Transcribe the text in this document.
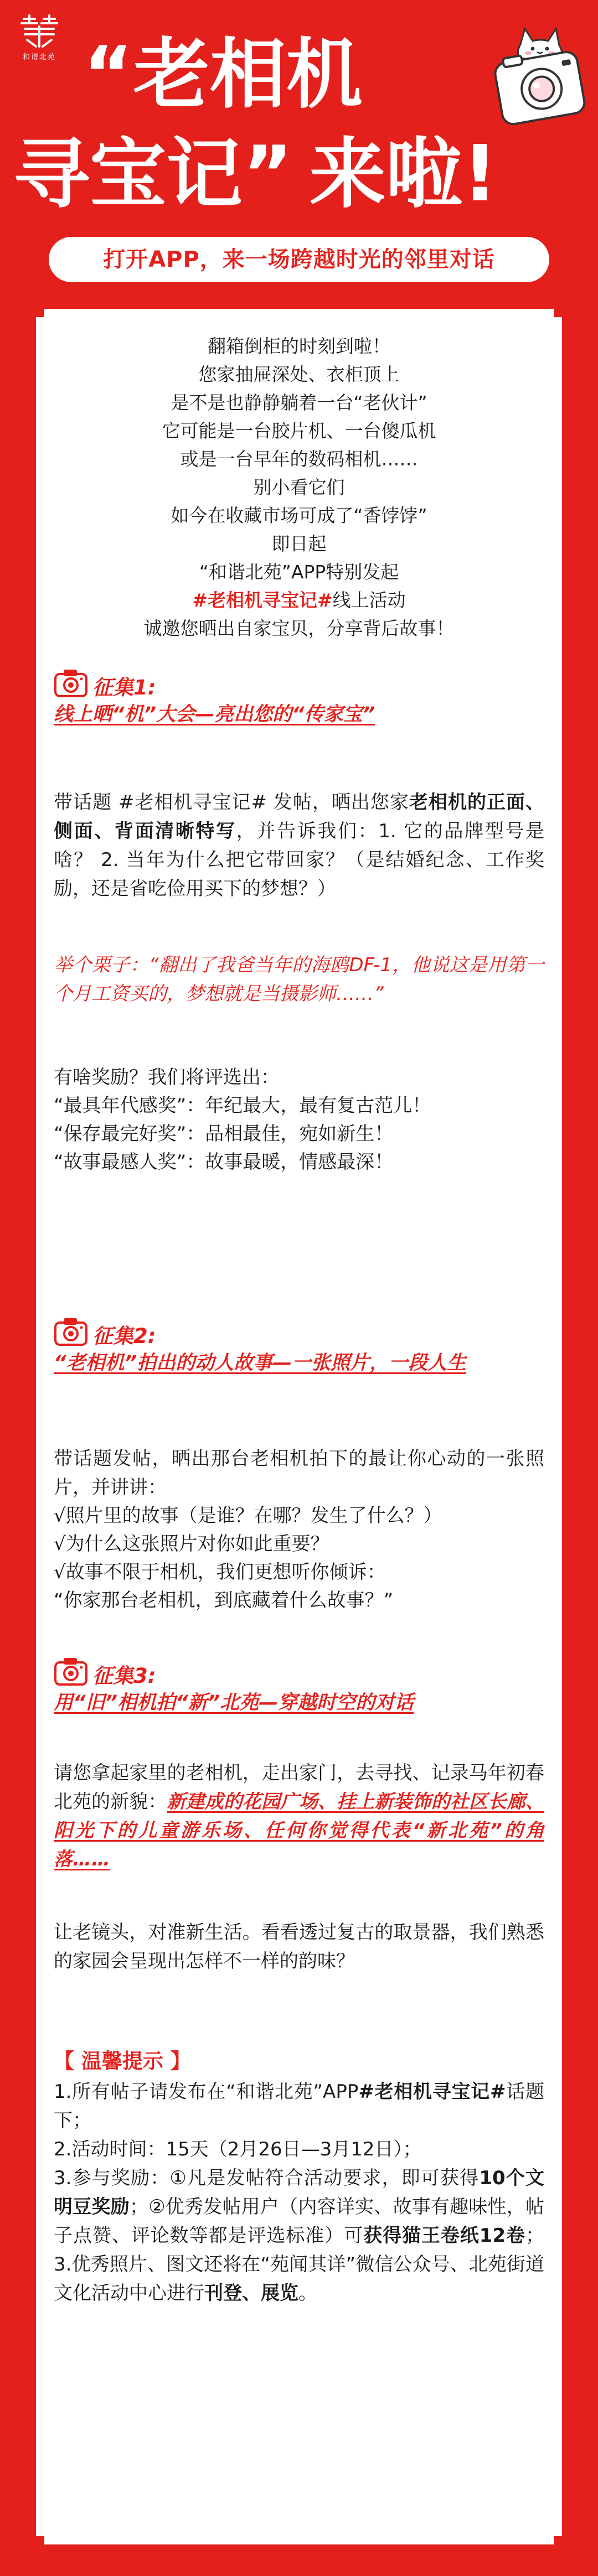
和谐北苑 “老相机
寻宝记” 来啦!
打开APP，来一场跨越时光的邻里对话
翻箱倒柜的时刻到啦！
您家抽屉深处、衣柜顶上
是不是也静静躺着一台“老伙计”
它可能是一台胶片机、一台傻瓜机
或是一台早年的数码相机……
别小看它们
如今在收藏市场可成了“香饽饽”
即日起
“和谐北苑”APP特别发起
#老相机寻宝记#线上活动
诚邀您晒出自家宝贝，分享背后故事！
征集1:
线上晒“机”大会—亮出您的“传家宝”
带话题 #老相机寻宝记# 发帖，晒出您家老相机的正面、侧面、背面清晰特写，并告诉我们：1. 它的品牌型号是啥？ 2. 当年为什么把它带回家？（是结婚纪念、工作奖励，还是省吃俭用买下的梦想？）
举个栗子：“翻出了我爸当年的海鸥DF-1，他说这是用第一个月工资买的，梦想就是当摄影师……”
有啥奖励？我们将评选出：
“最具年代感奖”：年纪最大，最有复古范儿！
“保存最完好奖”：品相最佳，宛如新生！
“故事最感人奖”：故事最暖，情感最深！
征集2:
“老相机”拍出的动人故事—一张照片，一段人生
带话题发帖，晒出那台老相机拍下的最让你心动的一张照片，并讲讲：
√照片里的故事（是谁？在哪？发生了什么？）
√为什么这张照片对你如此重要？
√故事不限于相机，我们更想听你倾诉：
“你家那台老相机，到底藏着什么故事？”
征集3:
用“旧”相机拍“新”北苑—穿越时空的对话
请您拿起家里的老相机，走出家门，去寻找、记录马年初春北苑的新貌：新建成的花园广场、挂上新装饰的社区长廊、阳光下的儿童游乐场、任何你觉得代表“新北苑”的角落……
让老镜头，对准新生活。看看透过复古的取景器，我们熟悉的家园会呈现出怎样不一样的韵味？
【 温馨提示 】
1.所有帖子请发布在“和谐北苑”APP#老相机寻宝记#话题下；
2.活动时间：15天（2月26日—3月12日）；
3.参与奖励：①凡是发帖符合活动要求，即可获得10个文明豆奖励；②优秀发帖用户（内容详实、故事有趣味性，帖子点赞、评论数等都是评选标准）可获得猫王卷纸12卷；3.优秀照片、图文还将在“苑闻其详”微信公众号、北苑街道文化活动中心进行刊登、展览。
